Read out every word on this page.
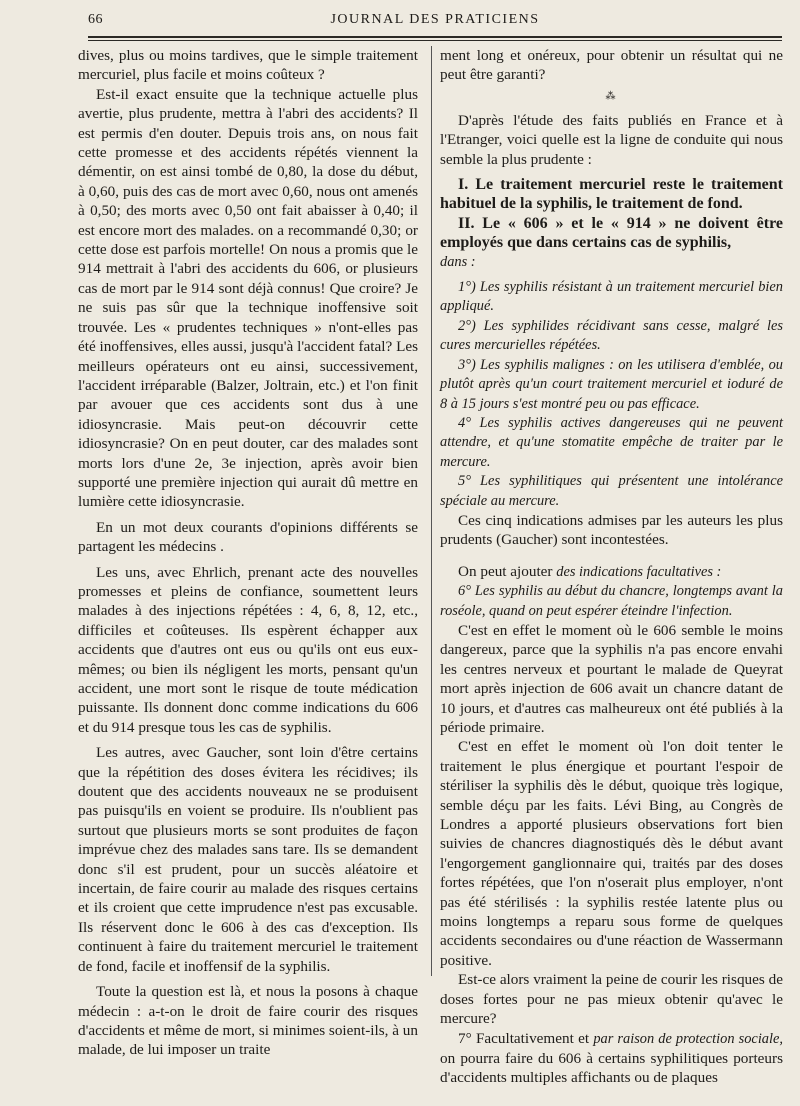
66	JOURNAL DES PRATICIENS

dives, plus ou moins tardives, que le simple traitement mercuriel, plus facile et moins coûteux ?

Est-il exact ensuite que la technique actuelle plus avertie, plus prudente, mettra à l'abri des accidents? Il est permis d'en douter. Depuis trois ans, on nous fait cette promesse et des accidents répétés viennent la démentir, on est ainsi tombé de 0,80, la dose du début, à 0,60, puis des cas de mort avec 0,60, nous ont amenés à 0,50; des morts avec 0,50 ont fait abaisser à 0,40; il est encore mort des malades. on a recommandé 0,30; or cette dose est parfois mortelle! On nous a promis que le 914 mettrait à l'abri des accidents du 606, or plusieurs cas de mort par le 914 sont déjà connus! Que croire? Je ne suis pas sûr que la technique inoffensive soit trouvée. Les « prudentes techniques » n'ont-elles pas été inoffensives, elles aussi, jusqu'à l'accident fatal? Les meilleurs opérateurs ont eu ainsi, successivement, l'accident irréparable (Balzer, Joltrain, etc.) et l'on finit par avouer que ces accidents sont dus à une idiosyncrasie. Mais peut-on découvrir cette idiosyncrasie? On en peut douter, car des malades sont morts lors d'une 2e, 3e injection, après avoir bien supporté une première injection qui aurait dû mettre en lumière cette idiosyncrasie.

En un mot deux courants d'opinions différents se partagent les médecins .

Les uns, avec Ehrlich, prenant acte des nouvelles promesses et pleins de confiance, soumettent leurs malades à des injections répétées : 4, 6, 8, 12, etc., difficiles et coûteuses. Ils espèrent échapper aux accidents que d'autres ont eus ou qu'ils ont eus eux-mêmes; ou bien ils négligent les morts, pensant qu'un accident, une mort sont le risque de toute médication puissante. Ils donnent donc comme indications du 606 et du 914 presque tous les cas de syphilis.

Les autres, avec Gaucher, sont loin d'être certains que la répétition des doses évitera les récidives; ils doutent que des accidents nouveaux ne se produisent pas puisqu'ils en voient se produire. Ils n'oublient pas surtout que plusieurs morts se sont produites de façon imprévue chez des malades sans tare. Ils se demandent donc s'il est prudent, pour un succès aléatoire et incertain, de faire courir au malade des risques certains et ils croient que cette imprudence n'est pas excusable. Ils réservent donc le 606 à des cas d'exception. Ils continuent à faire du traitement mercuriel le traitement de fond, facile et inoffensif de la syphilis.

Toute la question est là, et nous la posons à chaque médecin : a-t-on le droit de faire courir des risques d'accidents et même de mort, si minimes soient-ils, à un malade, de lui imposer un traite

ment long et onéreux, pour obtenir un résultat qui ne peut être garanti?

⁂

D'après l'étude des faits publiés en France et à l'Etranger, voici quelle est la ligne de conduite qui nous semble la plus prudente :

I. Le traitement mercuriel reste le traitement habituel de la syphilis, le traitement de fond.

II. Le « 606 » et le « 914 » ne doivent être employés que dans certains cas de syphilis,

dans :

1°) Les syphilis résistant à un traitement mercuriel bien appliqué.

2°) Les syphilides récidivant sans cesse, malgré les cures mercurielles répétées.

3°) Les syphilis malignes : on les utilisera d'emblée, ou plutôt après qu'un court traitement mercuriel et ioduré de 8 à 15 jours s'est montré peu ou pas efficace.

4° Les syphilis actives dangereuses qui ne peuvent attendre, et qu'une stomatite empêche de traiter par le mercure.

5° Les syphilitiques qui présentent une intolérance spéciale au mercure.

Ces cinq indications admises par les auteurs les plus prudents (Gaucher) sont incontestées.

On peut ajouter des indications facultatives :

6° Les syphilis au début du chancre, longtemps avant la roséole, quand on peut espérer éteindre l'infection.

C'est en effet le moment où le 606 semble le moins dangereux, parce que la syphilis n'a pas encore envahi les centres nerveux et pourtant le malade de Queyrat mort après injection de 606 avait un chancre datant de 10 jours, et d'autres cas malheureux ont été publiés à la période primaire.

C'est en effet le moment où l'on doit tenter le traitement le plus énergique et pourtant l'espoir de stériliser la syphilis dès le début, quoique très logique, semble déçu par les faits. Lévi Bing, au Congrès de Londres a apporté plusieurs observations fort bien suivies de chancres diagnostiqués dès le début avant l'engorgement ganglionnaire qui, traités par des doses fortes répétées, que l'on n'oserait plus employer, n'ont pas été stérilisés : la syphilis restée latente plus ou moins longtemps a reparu sous forme de quelques accidents secondaires ou d'une réaction de Wassermann positive.

Est-ce alors vraiment la peine de courir les risques de doses fortes pour ne pas mieux obtenir qu'avec le mercure?

7° Facultativement et par raison de protection sociale, on pourra faire du 606 à certains syphilitiques porteurs d'accidents multiples affichants ou de plaques
